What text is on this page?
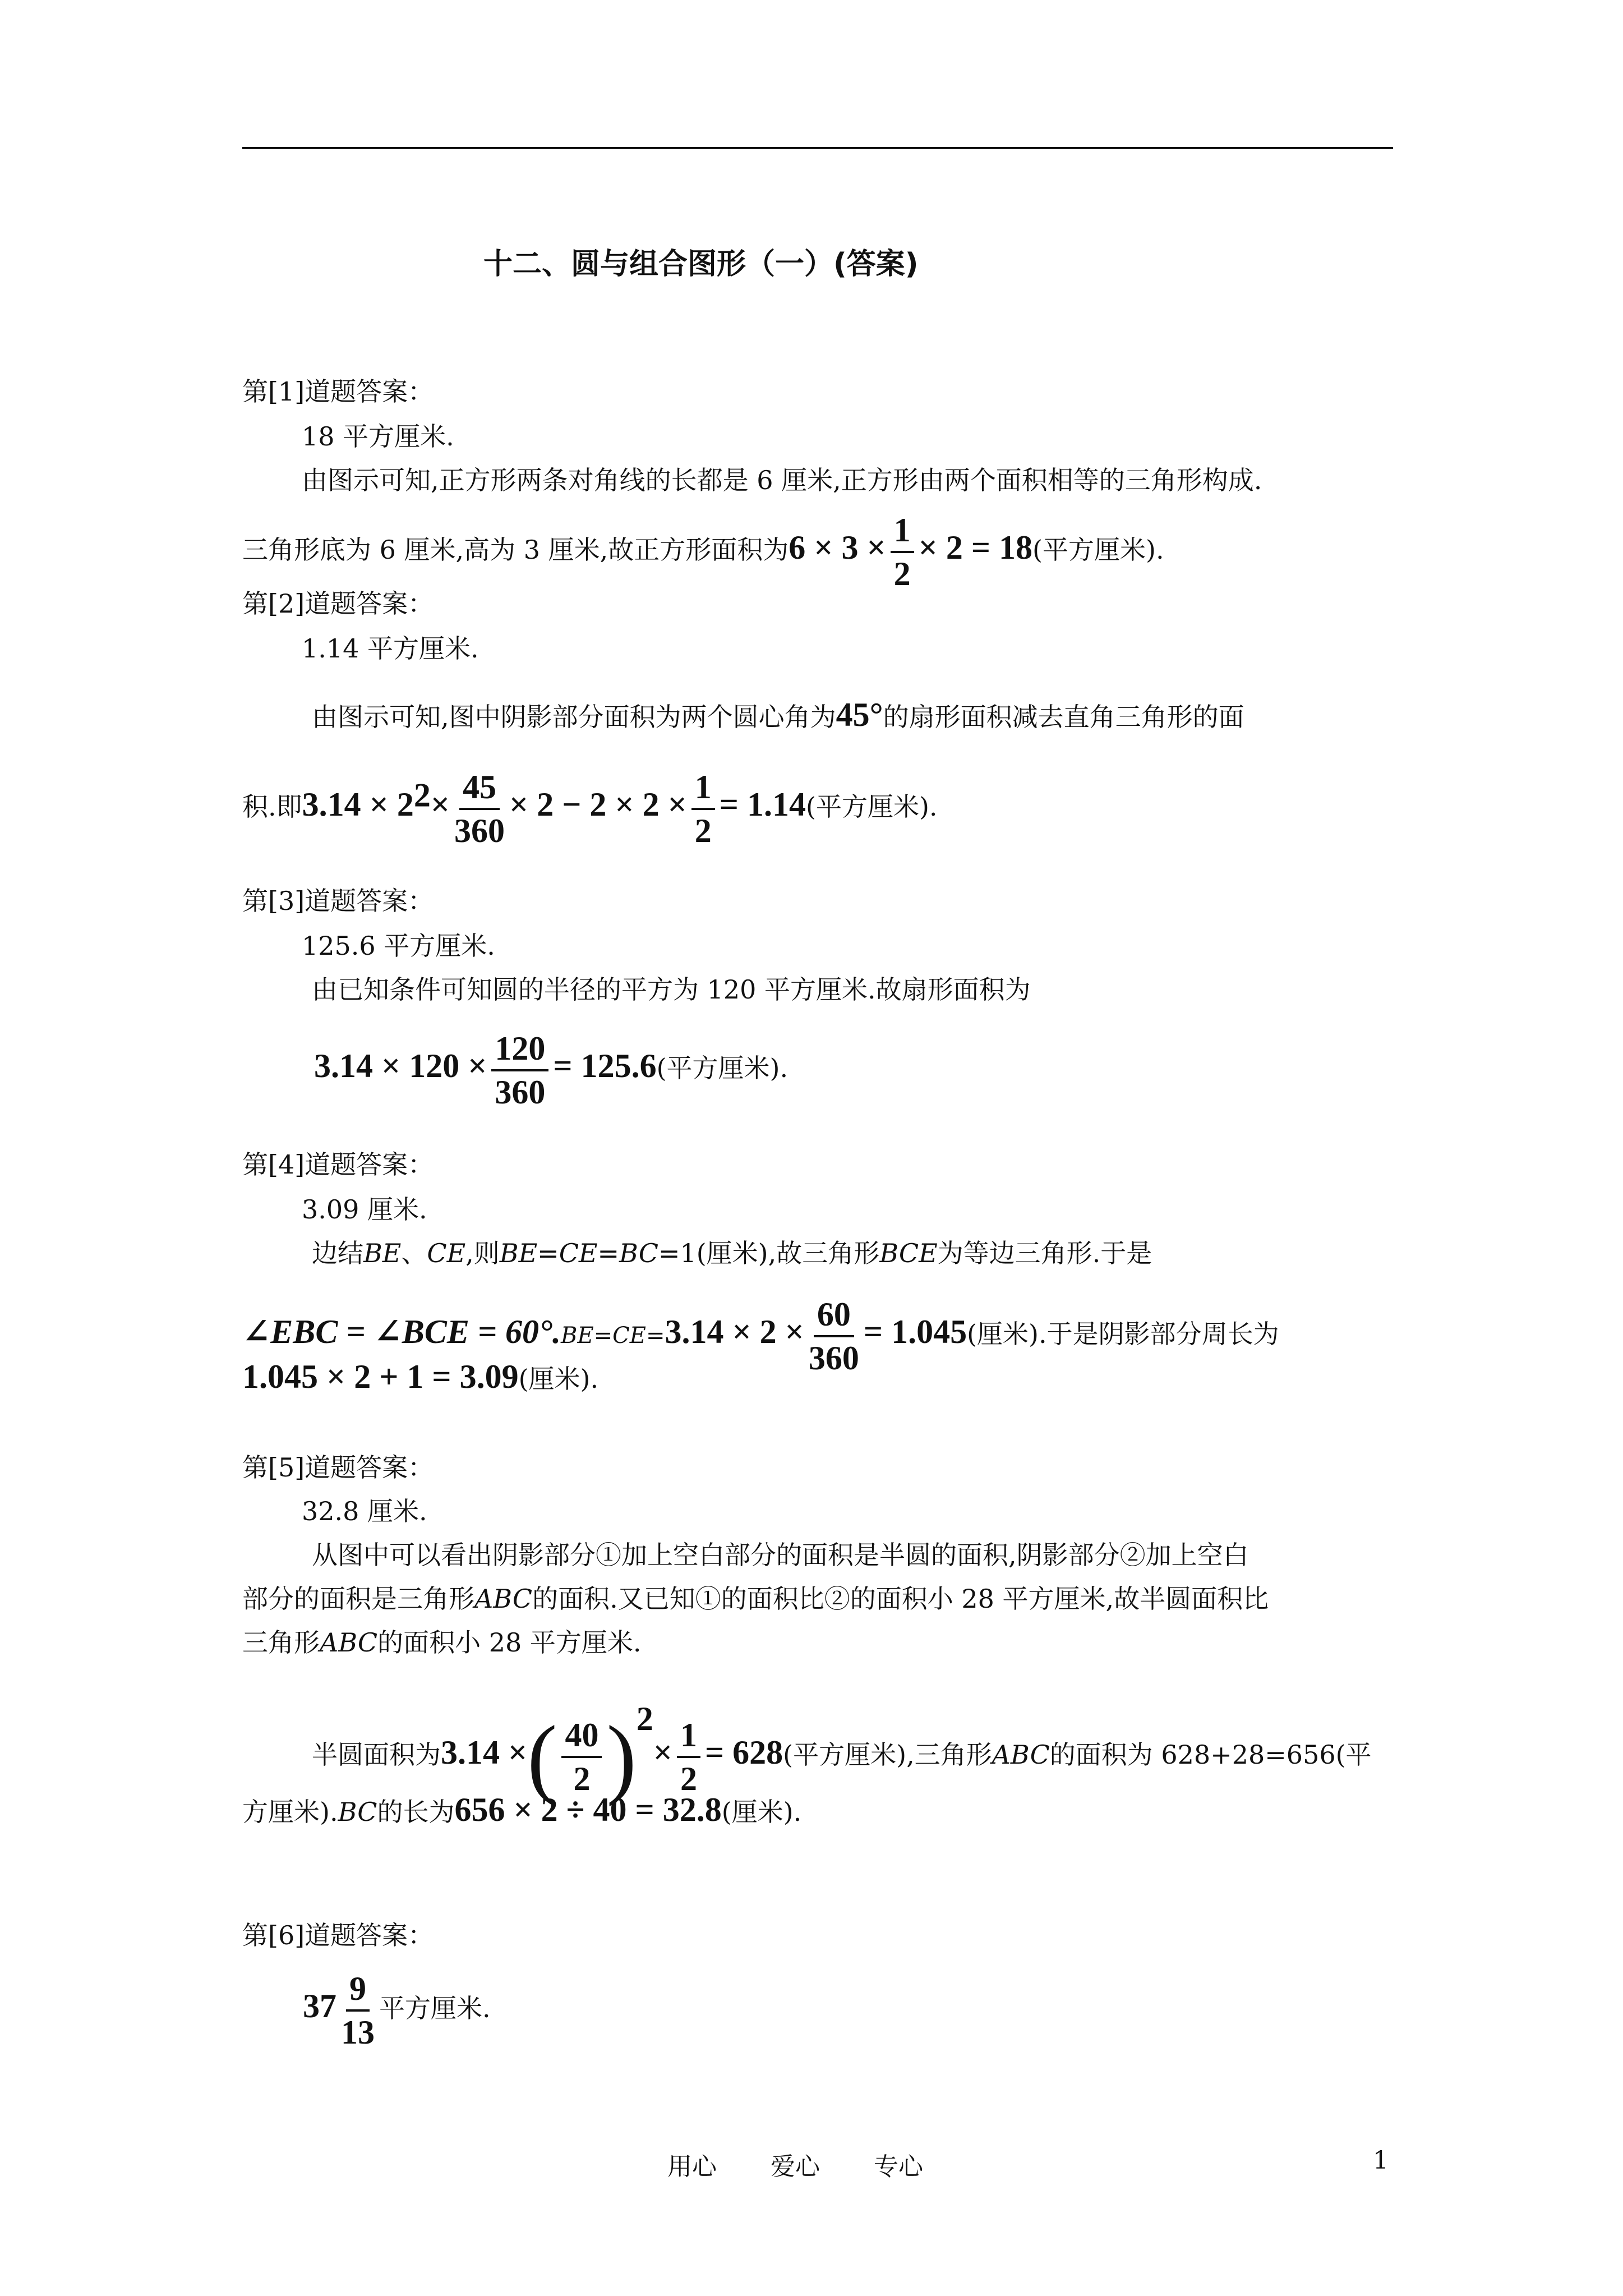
十二、圆与组合图形（一）(答案)
第[1]道题答案：
18 平方厘米.
由图示可知,正方形两条对角线的长都是 6 厘米,正方形由两个面积相等的三角形构成.
三角形底为 6 厘米,高为 3 厘米,故正方形面积为$6 \times 3 \times \frac{1}{2} \times 2 = 18$(平方厘米).
第[2]道题答案：
1.14 平方厘米.
由图示可知,图中阴影部分面积为两个圆心角为45°的扇形面积减去直角三角形的面
积.即$3.14 \times 2^2\times \frac{45}{360} \times 2 - 2 \times 2 \times \frac{1}{2} = 1.14$(平方厘米).
第[3]道题答案：
125.6 平方厘米.
由已知条件可知圆的半径的平方为 120 平方厘米.故扇形面积为
$3.14 \times 120 \times \frac{120}{360} = 125.6$(平方厘米).
第[4]道题答案：
3.09 厘米.
边结BE、CE,则BE=CE=BC=1(厘米),故三角形BCE为等边三角形.于是
∠EBC = ∠BCE = $60^\circ.BE=CE=3.14 \times 2 \times \frac{60}{360} = 1.045$(厘米).于是阴影部分周长为
1.045 × 2 + 1 = 3.09(厘米).
第[5]道题答案：
32.8 厘米.
从图中可以看出阴影部分①加上空白部分的面积是半圆的面积,阴影部分②加上空白
部分的面积是三角形ABC的面积.又已知①的面积比②的面积小 28 平方厘米,故半圆面积比
三角形ABC的面积小 28 平方厘米.
半圆面积为3.14 ×( $\frac{40}{2} )^2\times \frac{1}{2} = 628$(平方厘米),三角形ABC的面积为 628+28=656(平
方厘米).BC的长为656 × 2 ÷ 40 = 32.8(厘米).
第[6]道题答案：
$37 \frac{9}{13}$ 平方厘米.
用心 爱心 专心	1
